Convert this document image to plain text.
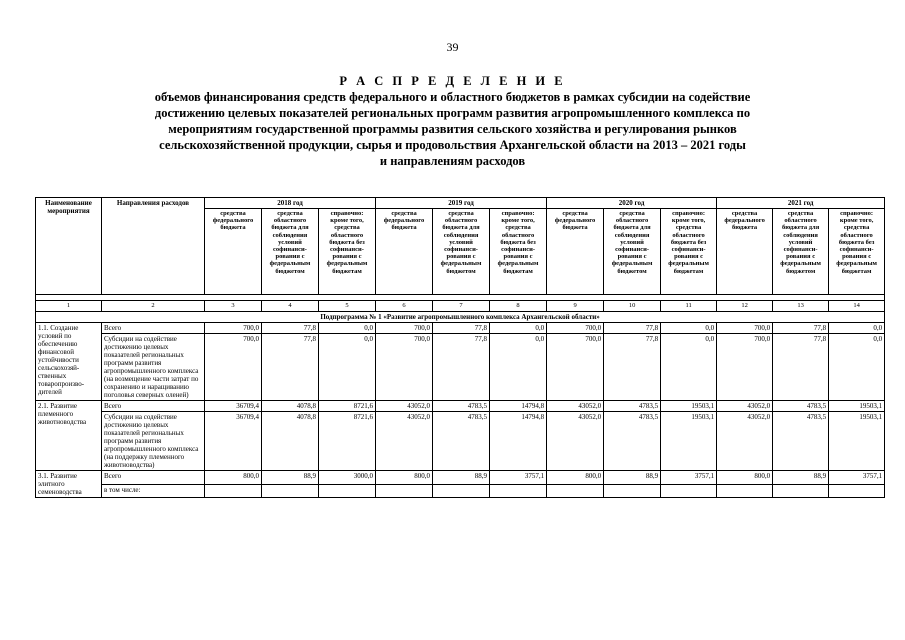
39
Р А С П Р Е Д Е Л Е Н И Е
объемов финансирования средств федерального и областного бюджетов в рамках субсидии на содействие
достижению целевых показателей региональных программ развития агропромышленного комплекса по
мероприятиям государственной программы развития сельского хозяйства и регулирования рынков
сельскохозяйственной продукции, сырья и продовольствия Архангельской области на 2013 – 2021 годы
и направлениям расходов
Наименование мероприятия	Направления расходов	2018 год			2019 год			2020 год			2021 год		
		средства федерального бюджета	средства областного бюджета для соблюдения условий софинанси-рования с федеральным бюджетом	справочно: кроме того, средства областного бюджета без софинанси-рования с федеральным бюджетам	средства федерального бюджета	средства областного бюджета для соблюдения условий софинанси-рования с федеральным бюджетом	справочно: кроме того, средства областного бюджета без софинанси-рования с федеральным бюджетам	средства федерального бюджета	средства областного бюджета для соблюдения условий софинанси-рования с федеральным бюджетом	справочно: кроме того, средства областного бюджета без софинанси-рования с федеральным бюджетам	средства федерального бюджета	средства областного бюджета для соблюдения условий софинанси-рования с федеральным бюджетом	справочно: кроме того, средства областного бюджета без софинанси-рования с федеральным бюджетам

1	2	3	4	5	6	7	8	9	10	11	12	13	14
Подпрограмма № 1 «Развитие агропромышленного комплекса Архангельской области»													
1.1. Создание условий по обеспечению финансовой устойчивости сельскохозяй-ственных товаропроизво-дителей	Всего	700,0	77,8	0,0	700,0	77,8	0,0	700,0	77,8	0,0	700,0	77,8	0,0
	Субсидии на содействие достижению целевых показателей региональных программ развития агропромышленного комплекса (на возмещение части затрат по сохранению и наращиванию поголовья северных оленей)	700,0	77,8	0,0	700,0	77,8	0,0	700,0	77,8	0,0	700,0	77,8	0,0
2.1. Развитие племенного животноводства	Всего	36709,4	4078,8	8721,6	43052,0	4783,5	14794,8	43052,0	4783,5	19503,1	43052,0	4783,5	19503,1
	Субсидии на содействие достижению целевых показателей региональных программ развития агропромышленного комплекса (на поддержку племенного животноводства)	36709,4	4078,8	8721,6	43052,0	4783,5	14794,8	43052,0	4783,5	19503,1	43052,0	4783,5	19503,1
3.1. Развитие элитного семеноводства	Всего	800,0	88,9	3000,0	800,0	88,9	3757,1	800,0	88,9	3757,1	800,0	88,9	3757,1
	в том числе:												
